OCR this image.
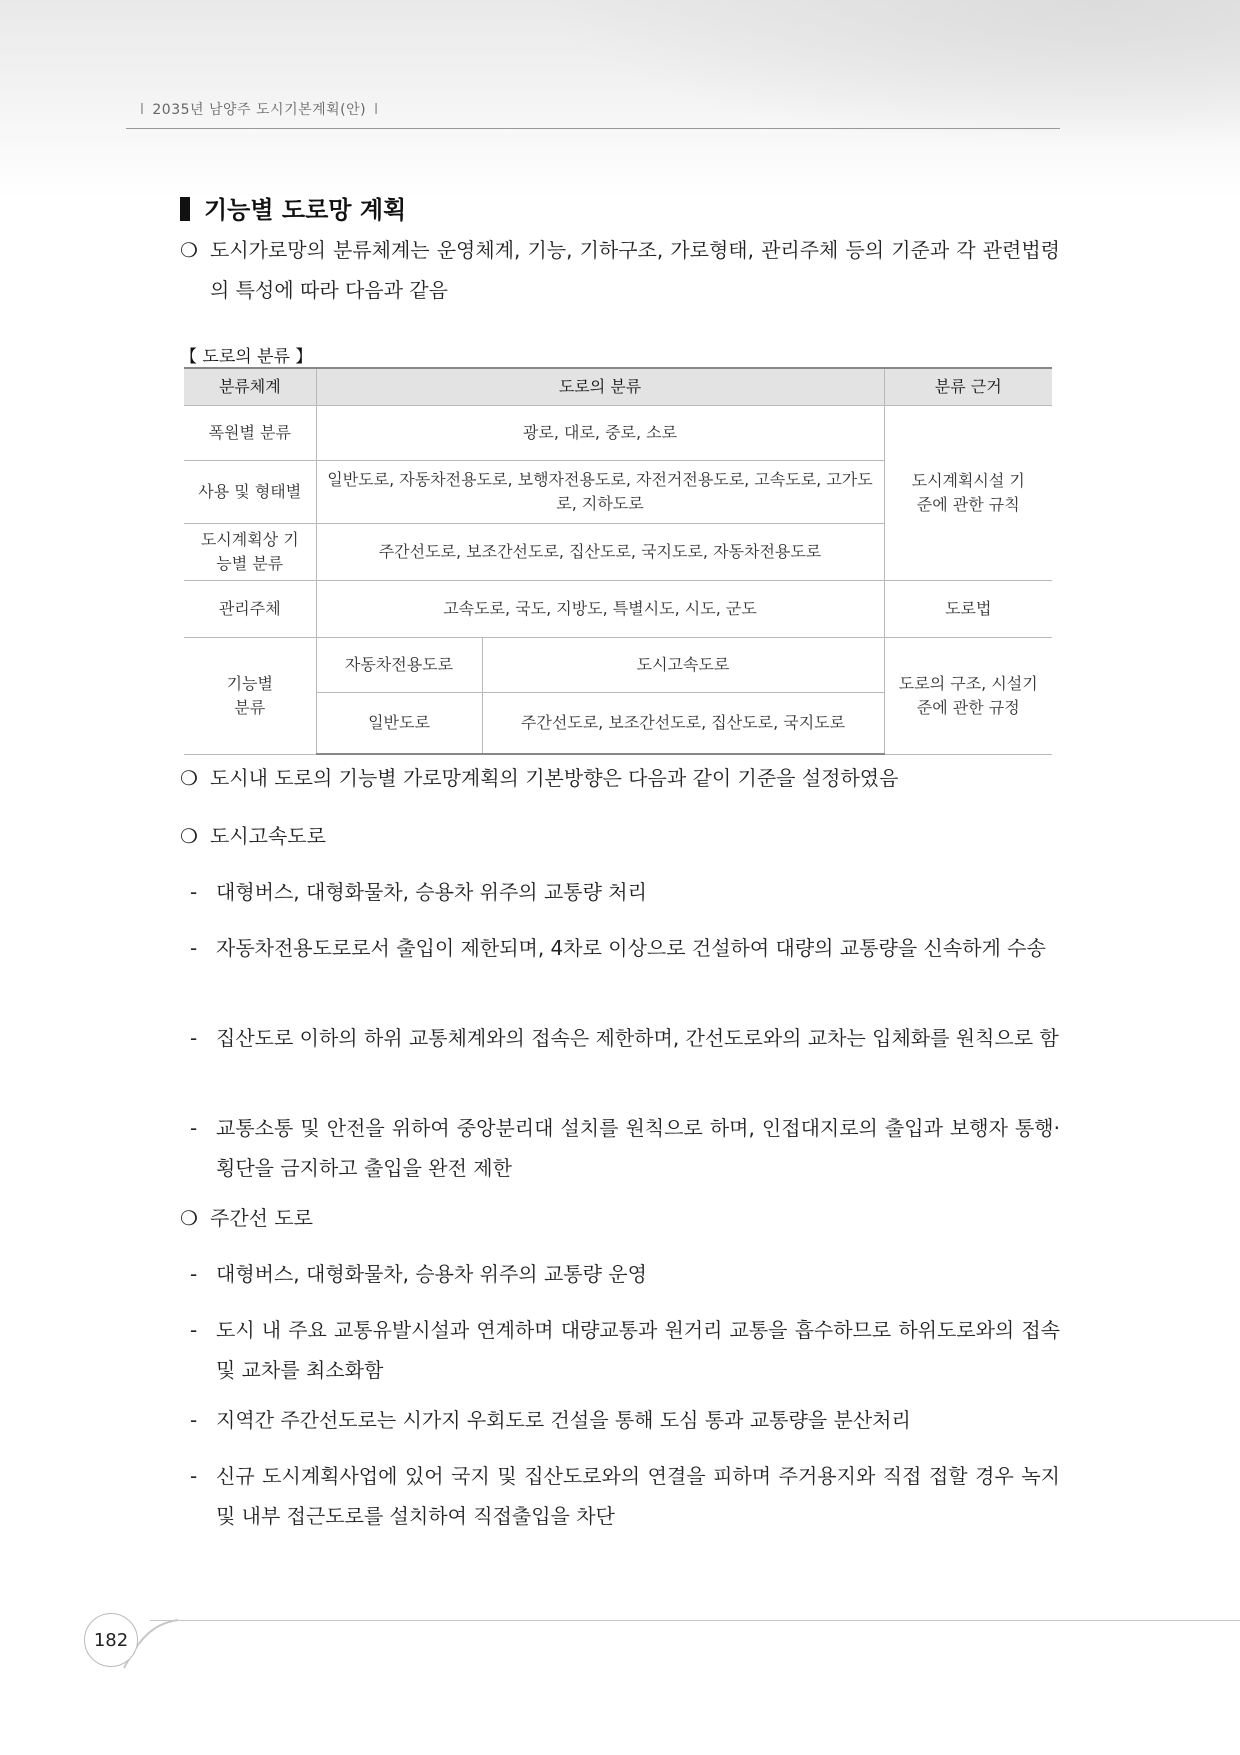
l 2035년 남양주 도시기본계획(안) l
기능별 도로망 계획
❍ 도시가로망의 분류체계는 운영체계, 기능, 기하구조, 가로형태, 관리주체 등의 기준과 각 관련법령의 특성에 따라 다음과 같음
【 도로의 분류 】
분류체계	도로의 분류		분류 근거
폭원별 분류	광로, 대로, 중로, 소로		도시계획시설 기준에 관한 규칙
사용 및 형태별	일반도로, 자동차전용도로, 보행자전용도로, 자전거전용도로, 고속도로, 고가도로, 지하도로		
도시계획상 기능별 분류	주간선도로, 보조간선도로, 집산도로, 국지도로, 자동차전용도로		
관리주체	고속도로, 국도, 지방도, 특별시도, 시도, 군도		도로법
기능별 분류	자동차전용도로	도시고속도로	도로의 구조, 시설기준에 관한 규정
	일반도로	주간선도로, 보조간선도로, 집산도로, 국지도로	
❍ 도시내 도로의 기능별 가로망계획의 기본방향은 다음과 같이 기준을 설정하였음
❍ 도시고속도로
- 대형버스, 대형화물차, 승용차 위주의 교통량 처리
- 자동차전용도로로서 출입이 제한되며, 4차로 이상으로 건설하여 대량의 교통량을 신속하게 수송
- 집산도로 이하의 하위 교통체계와의 접속은 제한하며, 간선도로와의 교차는 입체화를 원칙으로 함
- 교통소통 및 안전을 위하여 중앙분리대 설치를 원칙으로 하며, 인접대지로의 출입과 보행자 통행·횡단을 금지하고 출입을 완전 제한
❍ 주간선 도로
- 대형버스, 대형화물차, 승용차 위주의 교통량 운영
- 도시 내 주요 교통유발시설과 연계하며 대량교통과 원거리 교통을 흡수하므로 하위도로와의 접속 및 교차를 최소화함
- 지역간 주간선도로는 시가지 우회도로 건설을 통해 도심 통과 교통량을 분산처리
- 신규 도시계획사업에 있어 국지 및 집산도로와의 연결을 피하며 주거용지와 직접 접할 경우 녹지 및 내부 접근도로를 설치하여 직접출입을 차단
182
